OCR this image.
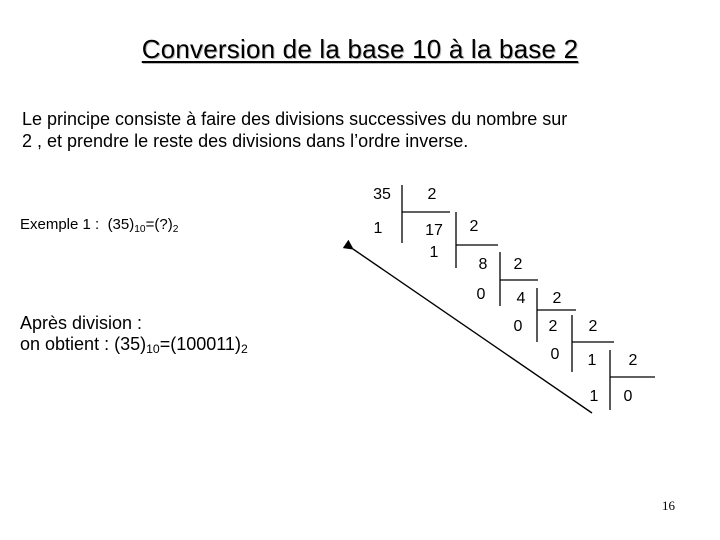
Conversion de la base 10 à la base 2
Le principe consiste à faire des divisions successives du nombre sur
2 , et prendre le reste des divisions dans l’ordre inverse.
Exemple 1 : $(35)_{10}=(?)_2$
Après division :
on obtient : $(35)_{10}=(100011)_2$
35 2
1	17 2
1
8 2
0 4 2
0 2 2
0 1 2
1 0
16
